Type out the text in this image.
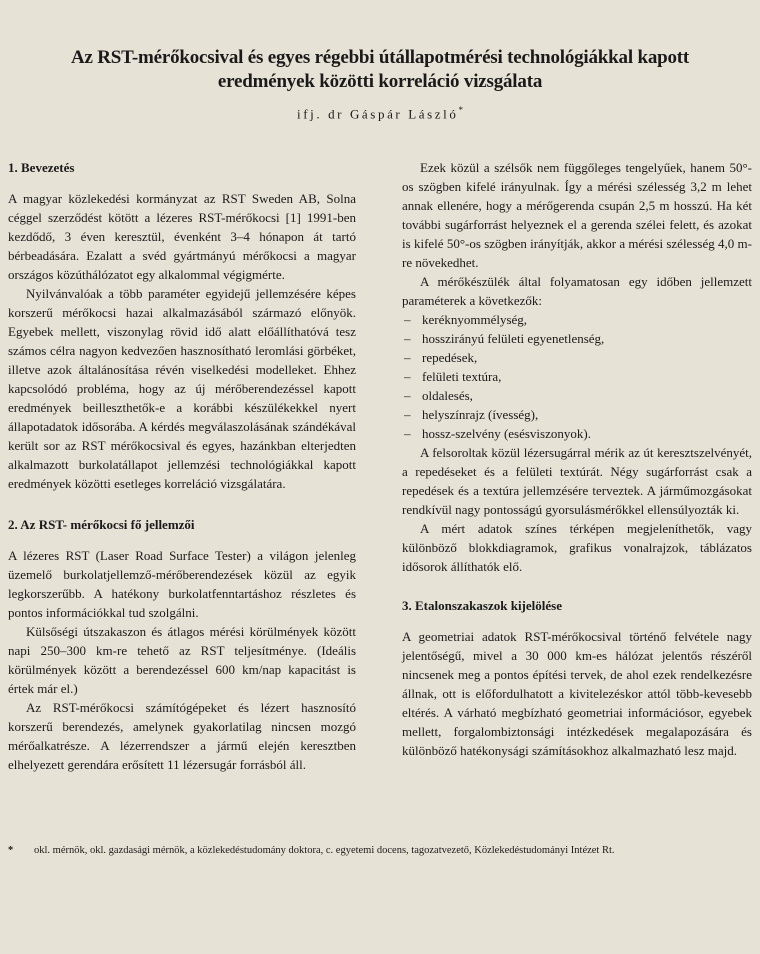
Az RST-mérőkocsival és egyes régebbi útállapotmérési technológiákkal kapott
eredmények közötti korreláció vizsgálata
ifj. dr Gáspár László*
1. Bevezetés

A magyar közlekedési kormányzat az RST Sweden AB, Solna céggel szerződést kötött a lézeres RST-mérőkocsi [1] 1991-ben kezdődő, 3 éven keresztül, évenként 3–4 hónapon át tartó bérbeadására. Ezalatt a svéd gyártmányú mérőkocsi a magyar országos közúthálózatot egy alkalommal végigmérte.

Nyilvánvalóak a több paraméter egyidejű jellemzésére képes korszerű mérőkocsi hazai alkalmazásából származó előnyök. Egyebek mellett, viszonylag rövid idő alatt előállíthatóvá tesz számos célra nagyon kedvezően hasznosítható leromlási görbéket, illetve azok általánosítása révén viselkedési modelleket. Ehhez kapcsolódó probléma, hogy az új mérőberendezéssel kapott eredmények beilleszthetők-e a korábbi készülékekkel nyert állapotadatok idősorába. A kérdés megválaszolásának szándékával került sor az RST mérőkocsival és egyes, hazánkban elterjedten alkalmazott burkolatállapot jellemzési technológiákkal kapott eredmények közötti esetleges korreláció vizsgálatára.

2. Az RST- mérőkocsi fő jellemzői

A lézeres RST (Laser Road Surface Tester) a világon jelenleg üzemelő burkolatjellemző-mérőberendezések közül az egyik legkorszerűbb. A hatékony burkolatfenntartáshoz részletes és pontos információkkal tud szolgálni.

Külsőségi útszakaszon és átlagos mérési körülmények között napi 250–300 km-re tehető az RST teljesítménye. (Ideális körülmények között a berendezéssel 600 km/nap kapacitást is értek már el.)

Az RST-mérőkocsi számítógépeket és lézert hasznosító korszerű berendezés, amelynek gyakorlatilag nincsen mozgó mérőalkatrésze. A lézerrendszer a jármű elején keresztben elhelyezett gerendára erősített 11 lézersugár forrásból áll.

Ezek közül a szélsők nem függőleges tengelyűek, hanem 50°-os szögben kifelé irányulnak. Így a mérési szélesség 3,2 m lehet annak ellenére, hogy a mérőgerenda csupán 2,5 m hosszú. Ha két további sugárforrást helyeznek el a gerenda szélei felett, és azokat is kifelé 50°-os szögben irányítják, akkor a mérési szélesség 4,0 m-re növekedhet.

A mérőkészülék által folyamatosan egy időben jellemzett paraméterek a következők:

– keréknyommélység,
– hosszirányú felületi egyenetlenség,
– repedések,
– felületi textúra,
– oldalesés,
– helyszínrajz (ívesség),
– hossz-szelvény (esésviszonyok).

A felsoroltak közül lézersugárral mérik az út keresztszelvényét, a repedéseket és a felületi textúrát. Négy sugárforrást csak a repedések és a textúra jellemzésére terveztek. A járműmozgásokat rendkívül nagy pontosságú gyorsulásmérőkkel ellensúlyozták ki.

A mért adatok színes térképen megjeleníthetők, vagy különböző blokkdiagramok, grafikus vonalrajzok, táblázatos idősorok állíthatók elő.

3. Etalonszakaszok kijelölése

A geometriai adatok RST-mérőkocsival történő felvétele nagy jelentőségű, mivel a 30 000 km-es hálózat jelentős részéről nincsenek meg a pontos építési tervek, de ahol ezek rendelkezésre állnak, ott is előfordulhatott a kivitelezéskor attól több-kevesebb eltérés. A várható megbízható geometriai információsor, egyebek mellett, forgalombiztonsági intézkedések megalapozására és különböző hatékonysági számításokhoz alkalmazható lesz majd.

* okl. mérnök, okl. gazdasági mérnök, a közlekedéstudomány doktora, c. egyetemi docens, tagozatvezető, Közlekedéstudományi Intézet Rt.
